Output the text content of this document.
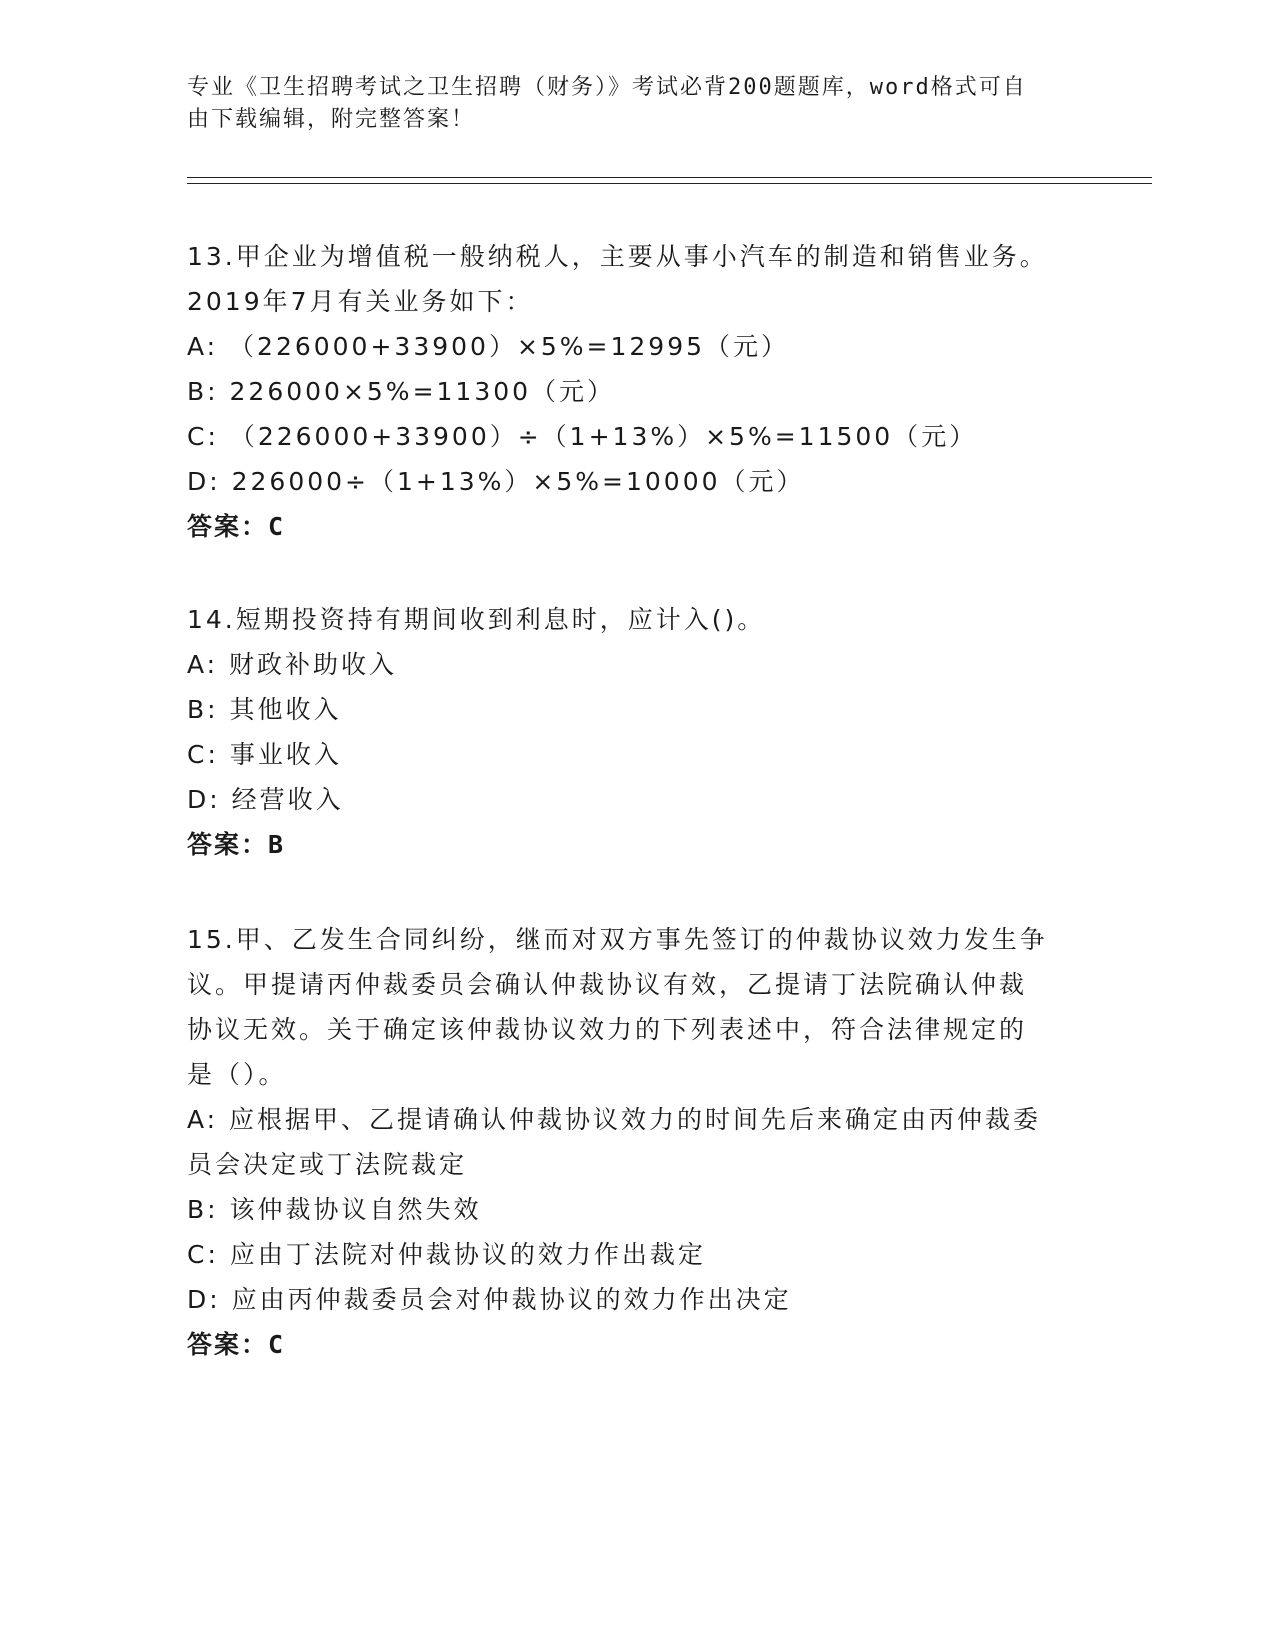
专业《卫生招聘考试之卫生招聘（财务）》考试必背200题题库，word格式可自
由下载编辑，附完整答案！
13.甲企业为增值税一般纳税人，主要从事小汽车的制造和销售业务。
2019年7月有关业务如下：
A: （226000+33900）×5%=12995（元）
B: 226000×5%=11300（元）
C: （226000+33900）÷（1+13%）×5%=11500（元）
D: 226000÷（1+13%）×5%=10000（元）
答案：C
14.短期投资持有期间收到利息时，应计入()。
A: 财政补助收入
B: 其他收入
C: 事业收入
D: 经营收入
答案：B
15.甲、乙发生合同纠纷，继而对双方事先签订的仲裁协议效力发生争
议。甲提请丙仲裁委员会确认仲裁协议有效，乙提请丁法院确认仲裁
协议无效。关于确定该仲裁协议效力的下列表述中，符合法律规定的
是（）。
A: 应根据甲、乙提请确认仲裁协议效力的时间先后来确定由丙仲裁委
员会决定或丁法院裁定
B: 该仲裁协议自然失效
C: 应由丁法院对仲裁协议的效力作出裁定
D: 应由丙仲裁委员会对仲裁协议的效力作出决定
答案：C
